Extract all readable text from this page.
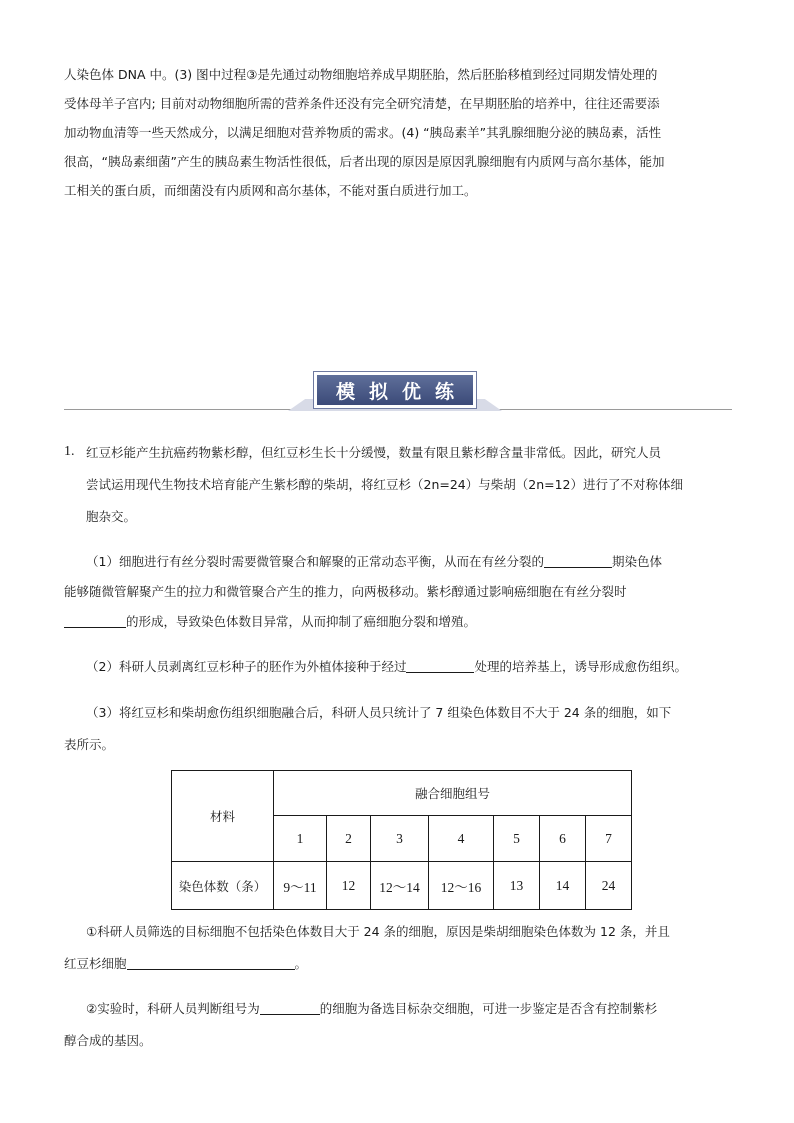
人染色体 DNA 中。(3) 图中过程③是先通过动物细胞培养成早期胚胎，然后胚胎移植到经过同期发情处理的
受体母羊子宫内; 目前对动物细胞所需的营养条件还没有完全研究清楚，在早期胚胎的培养中，往往还需要添
加动物血清等一些天然成分，以满足细胞对营养物质的需求。(4) “胰岛素羊”其乳腺细胞分泌的胰岛素，活性
很高，“胰岛素细菌”产生的胰岛素生物活性很低，后者出现的原因是原因乳腺细胞有内质网与高尔基体，能加
工相关的蛋白质，而细菌没有内质网和高尔基体，不能对蛋白质进行加工。
模拟优练
1. 红豆杉能产生抗癌药物紫杉醇，但红豆杉生长十分缓慢，数量有限且紫杉醇含量非常低。因此，研究人员
尝试运用现代生物技术培育能产生紫杉醇的柴胡，将红豆杉（2n=24）与柴胡（2n=12）进行了不对称体细
胞杂交。
（1）细胞进行有丝分裂时需要微管聚合和解聚的正常动态平衡，从而在有丝分裂的	期染色体
能够随微管解聚产生的拉力和微管聚合产生的推力，向两极移动。紫杉醇通过影响癌细胞在有丝分裂时
的形成，导致染色体数目异常，从而抑制了癌细胞分裂和增殖。
（2）科研人员剥离红豆杉种子的胚作为外植体接种于经过	处理的培养基上，诱导形成愈伤组织。
（3）将红豆杉和柴胡愈伤组织细胞融合后，科研人员只统计了 7 组染色体数目不大于 24 条的细胞，如下
表所示。
材料	融合细胞组号						
	1	2	3	4	5	6	7
染色体数（条）	9～11	12	12～14	12～16	13	14	24
①科研人员筛选的目标细胞不包括染色体数目大于 24 条的细胞，原因是柴胡细胞染色体数为 12 条，并且
红豆杉细胞	。
②实验时，科研人员判断组号为	的细胞为备选目标杂交细胞，可进一步鉴定是否含有控制紫杉
醇合成的基因。
